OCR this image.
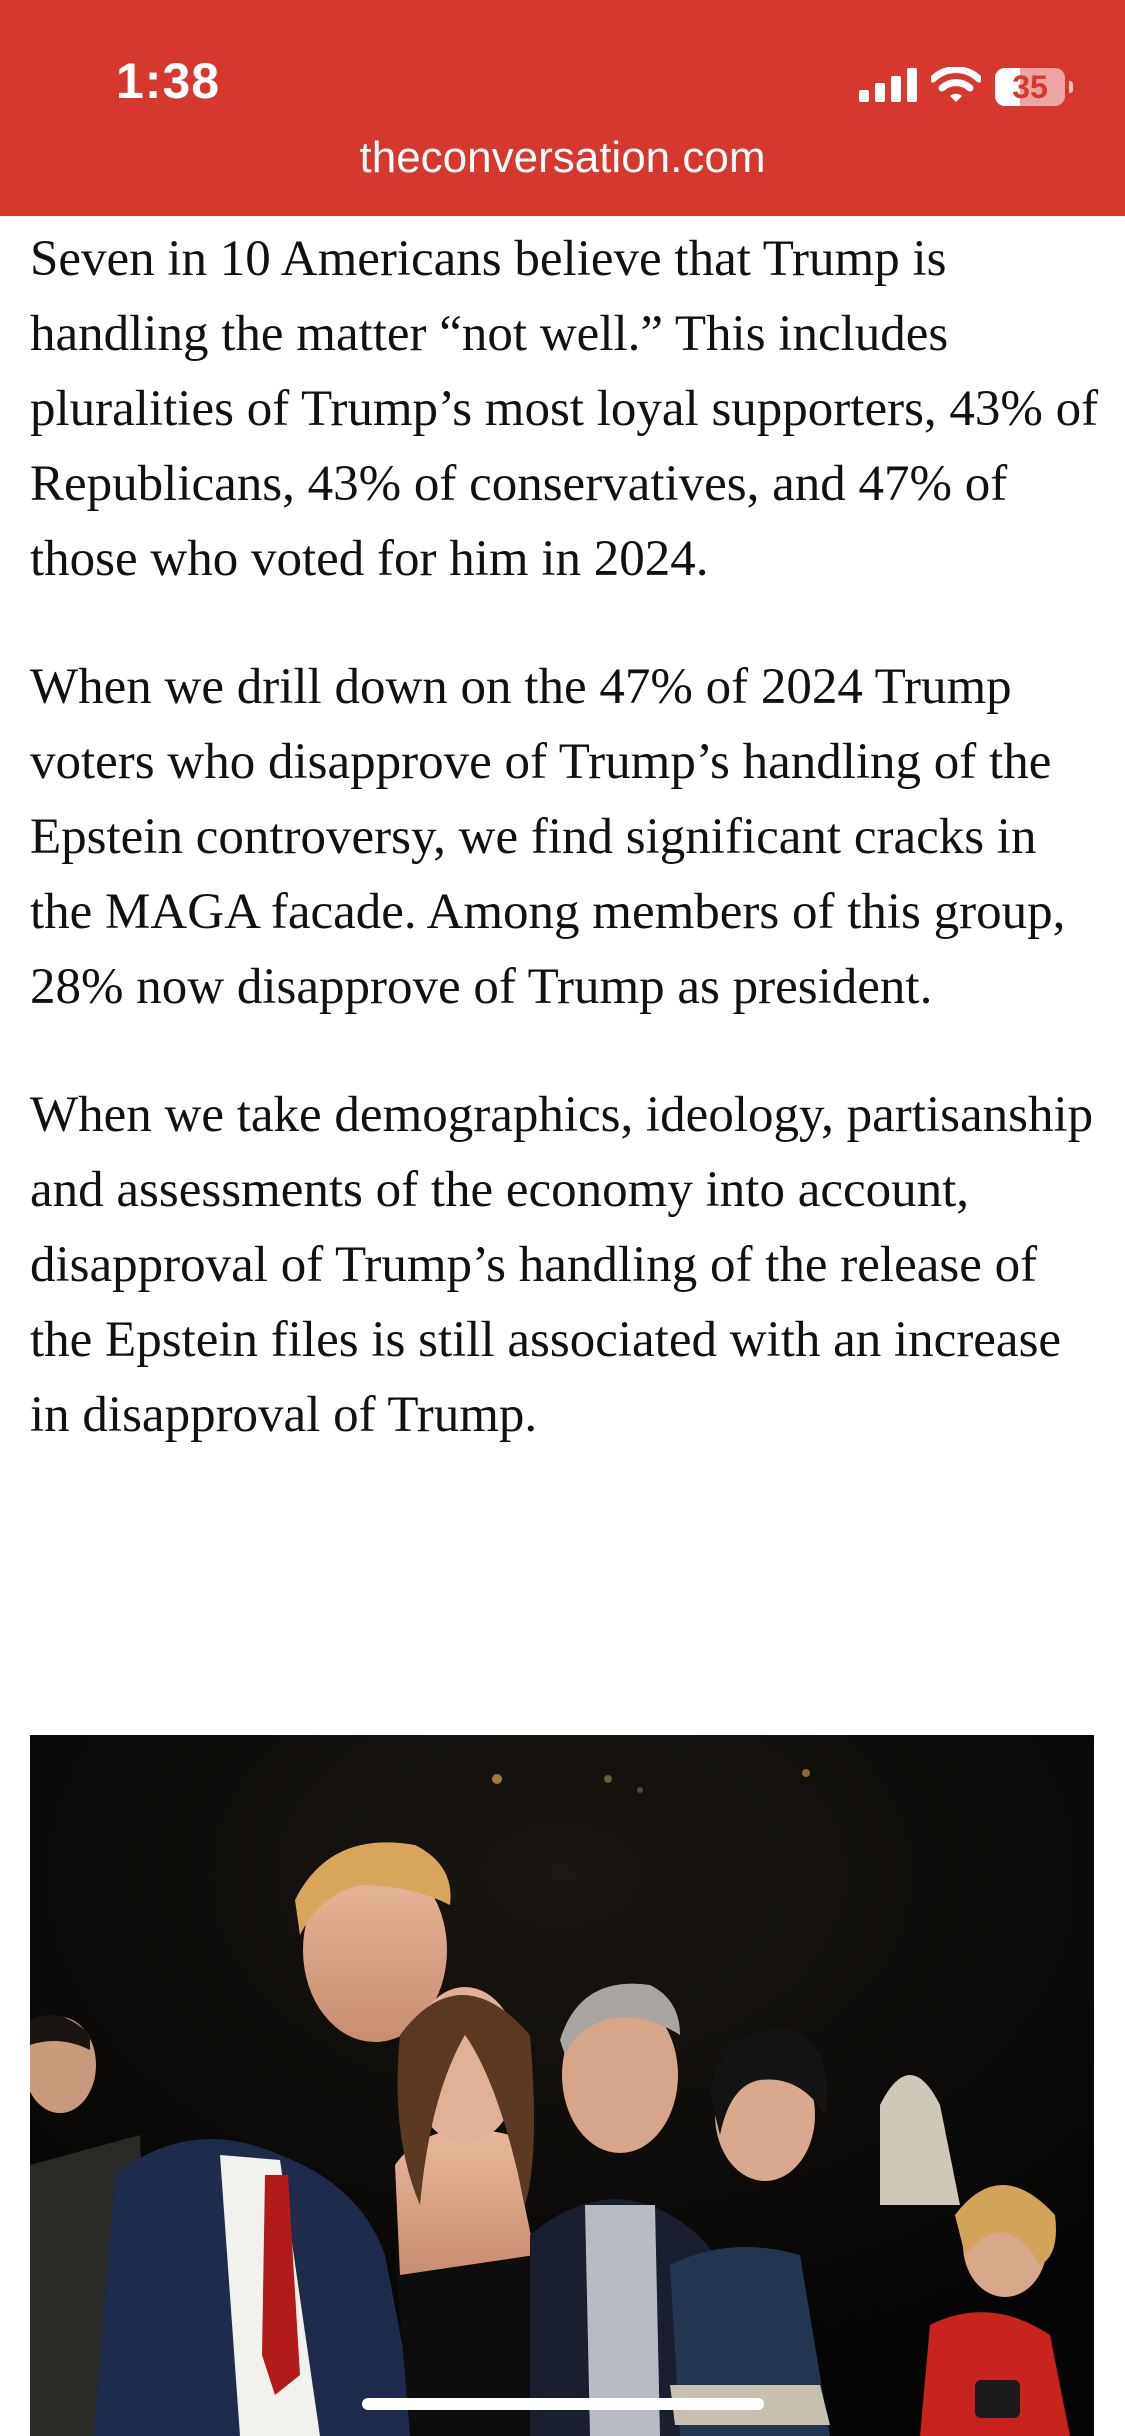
1:38	35
theconversation.com

Seven in 10 Americans believe that Trump is handling the matter “not well.” This includes pluralities of Trump’s most loyal supporters, 43% of Republicans, 43% of conservatives, and 47% of those who voted for him in 2024.

When we drill down on the 47% of 2024 Trump voters who disapprove of Trump’s handling of the Epstein controversy, we find significant cracks in the MAGA facade. Among members of this group, 28% now disapprove of Trump as president.

When we take demographics, ideology, partisanship and assessments of the economy into account, disapproval of Trump’s handling of the release of the Epstein files is still associated with an increase in disapproval of Trump.
